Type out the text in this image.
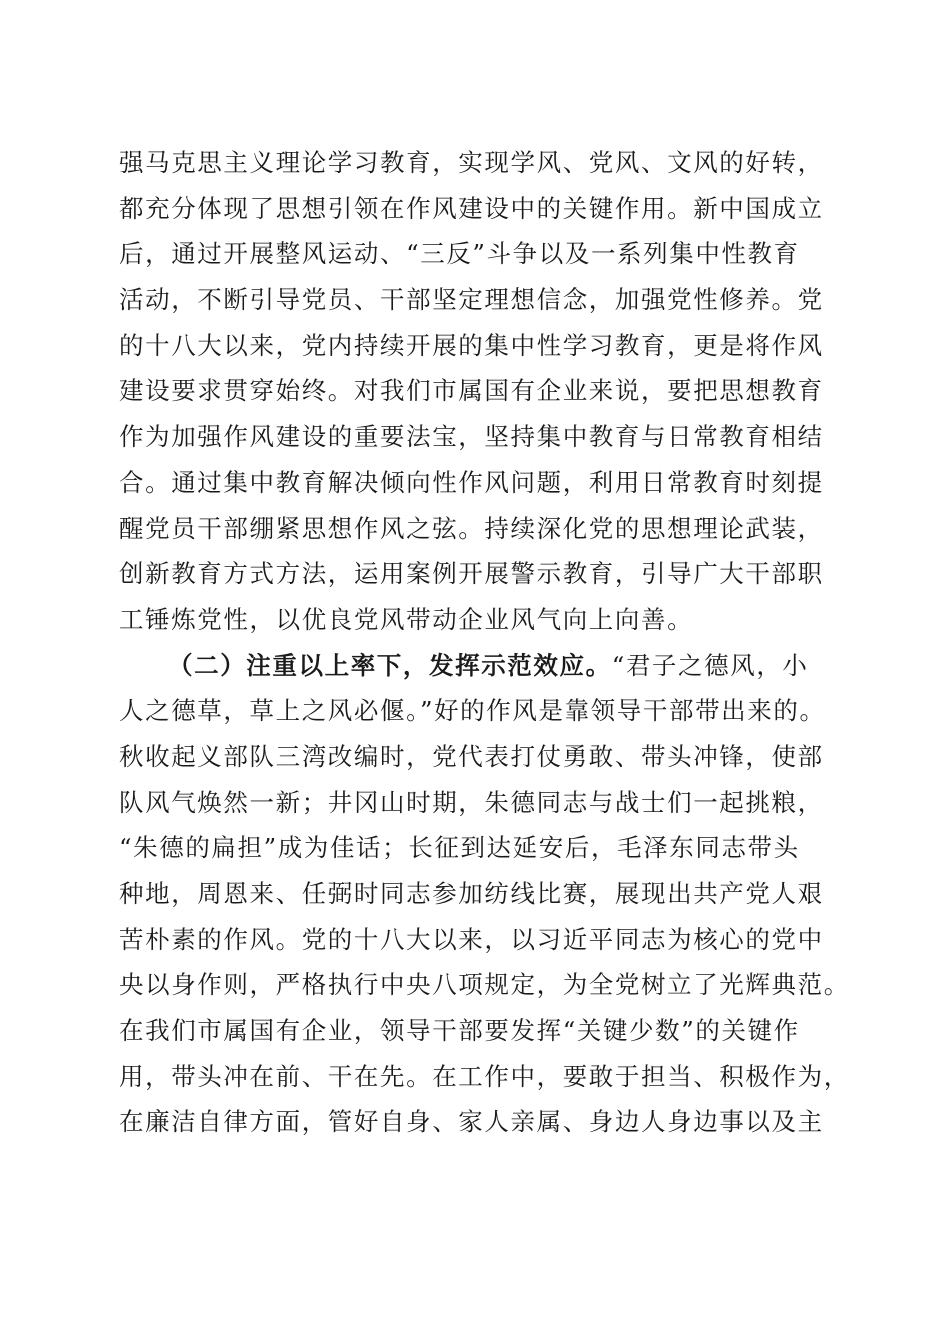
强马克思主义理论学习教育，实现学风、党风、文风的好转，
都充分体现了思想引领在作风建设中的关键作用。新中国成立
后，通过开展整风运动、“三反”斗争以及一系列集中性教育
活动，不断引导党员、干部坚定理想信念，加强党性修养。党
的十八大以来，党内持续开展的集中性学习教育，更是将作风
建设要求贯穿始终。对我们市属国有企业来说，要把思想教育
作为加强作风建设的重要法宝，坚持集中教育与日常教育相结
合。通过集中教育解决倾向性作风问题，利用日常教育时刻提
醒党员干部绷紧思想作风之弦。持续深化党的思想理论武装，
创新教育方式方法，运用案例开展警示教育，引导广大干部职
工锤炼党性，以优良党风带动企业风气向上向善。
（二）注重以上率下，发挥示范效应。“君子之德风，小
人之德草，草上之风必偃。”好的作风是靠领导干部带出来的。
秋收起义部队三湾改编时，党代表打仗勇敢、带头冲锋，使部
队风气焕然一新；井冈山时期，朱德同志与战士们一起挑粮，
“朱德的扁担”成为佳话；长征到达延安后，毛泽东同志带头
种地，周恩来、任弼时同志参加纺线比赛，展现出共产党人艰
苦朴素的作风。党的十八大以来，以习近平同志为核心的党中
央以身作则，严格执行中央八项规定，为全党树立了光辉典范。
在我们市属国有企业，领导干部要发挥“关键少数”的关键作
用，带头冲在前、干在先。在工作中，要敢于担当、积极作为，
在廉洁自律方面，管好自身、家人亲属、身边人身边事以及主
